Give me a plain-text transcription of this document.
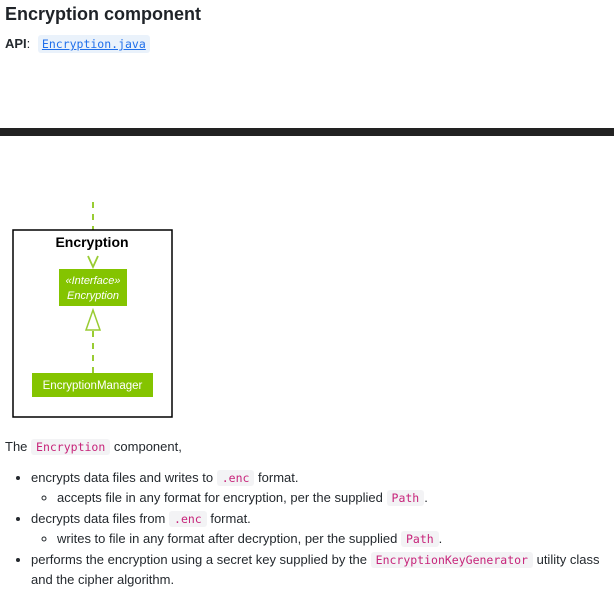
Encryption component
API: Encryption.java
Encryption
«Interface»
Encryption
EncryptionManager

The Encryption component,

• encrypts data files and writes to .enc format.
◦ accepts file in any format for encryption, per the supplied Path .
• decrypts data files from .enc format.
◦ writes to file in any format after decryption, per the supplied Path .
• performs the encryption using a secret key supplied by the EncryptionKeyGenerator utility class and the cipher algorithm.
